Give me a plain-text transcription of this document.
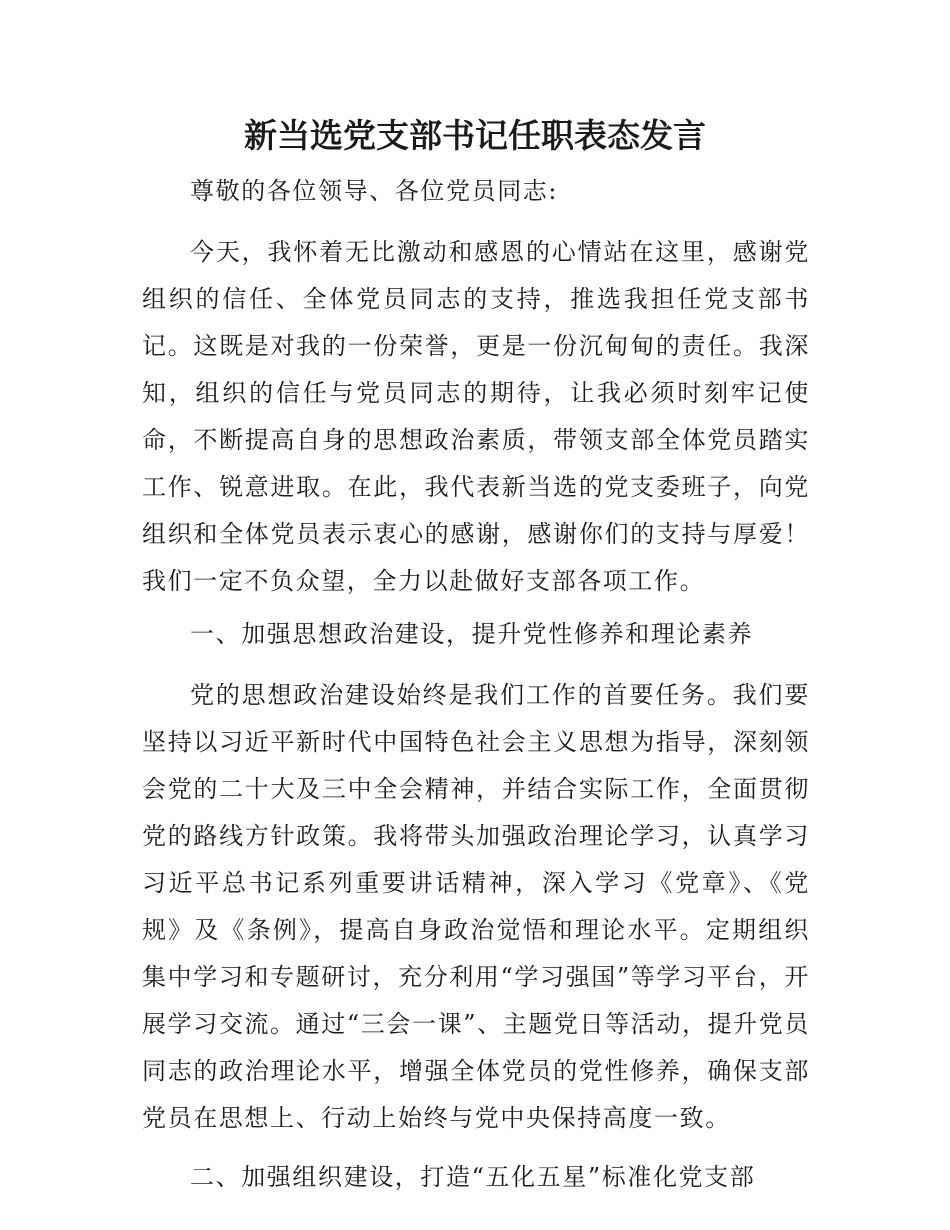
新当选党支部书记任职表态发言

尊敬的各位领导、各位党员同志:

今天，我怀着无比激动和感恩的心情站在这里，感谢党组织的信任、全体党员同志的支持，推选我担任党支部书记。这既是对我的一份荣誉，更是一份沉甸甸的责任。我深知，组织的信任与党员同志的期待，让我必须时刻牢记使命，不断提高自身的思想政治素质，带领支部全体党员踏实工作、锐意进取。在此，我代表新当选的党支委班子，向党组织和全体党员表示衷心的感谢，感谢你们的支持与厚爱！我们一定不负众望，全力以赴做好支部各项工作。

一、加强思想政治建设，提升党性修养和理论素养

党的思想政治建设始终是我们工作的首要任务。我们要坚持以习近平新时代中国特色社会主义思想为指导，深刻领会党的二十大及三中全会精神，并结合实际工作，全面贯彻党的路线方针政策。我将带头加强政治理论学习，认真学习习近平总书记系列重要讲话精神，深入学习《党章》、《党规》及《条例》，提高自身政治觉悟和理论水平。定期组织集中学习和专题研讨，充分利用“学习强国”等学习平台，开展学习交流。通过“三会一课”、主题党日等活动，提升党员同志的政治理论水平，增强全体党员的党性修养，确保支部党员在思想上、行动上始终与党中央保持高度一致。

二、加强组织建设，打造“五化五星”标准化党支部
